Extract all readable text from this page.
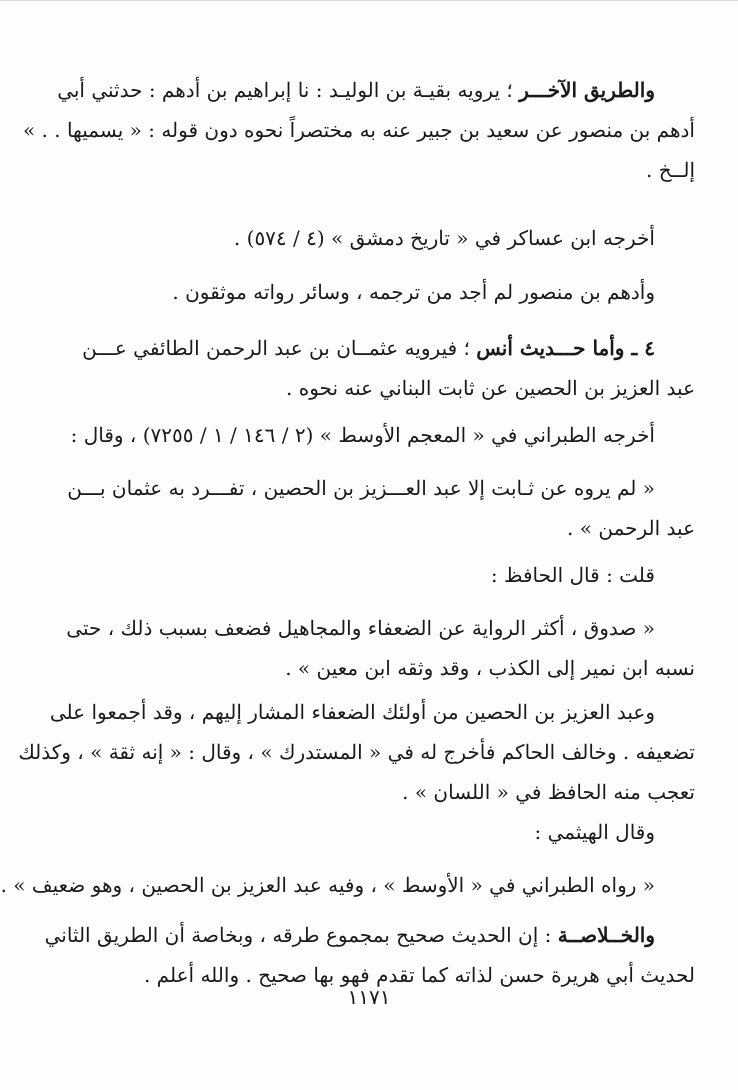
والطريق الآخـــر ؛ يرويه بقيـة بن الوليـد : نا إبراهيم بن أدهم : حدثني أبي
أدهم بن منصور عن سعيد بن جبير عنه به مختصراً نحوه دون قوله : « يسميها . . »
إلــخ .
أخرجه ابن عساكر في « تاريخ دمشق » (٤ / ٥٧٤) .
وأدهم بن منصور لم أجد من ترجمه ، وسائر رواته موثقون .
٤ ـ وأما حـــديث أنس ؛ فيرويه عثمــان بن عبد الرحمن الطائفي عـــن
عبد العزيز بن الحصين عن ثابت البناني عنه نحوه .
أخرجه الطبراني في « المعجم الأوسط » (٢ / ١٤٦ / ١ / ٧٢٥٥) ، وقال :
« لم يروه عن ثـابت إلا عبد العـــزيز بن الحصين ، تفـــرد به عثمان بـــن
عبد الرحمن » .
قلت : قال الحافظ :
« صدوق ، أكثر الرواية عن الضعفاء والمجاهيل فضعف بسبب ذلك ، حتى
نسبه ابن نمير إلى الكذب ، وقد وثقه ابن معين » .
وعبد العزيز بن الحصين من أولئك الضعفاء المشار إليهم ، وقد أجمعوا على
تضعيفه . وخالف الحاكم فأخرج له في « المستدرك » ، وقال : « إنه ثقة » ، وكذلك
تعجب منه الحافظ في « اللسان » .
وقال الهيثمي :
« رواه الطبراني في « الأوسط » ، وفيه عبد العزيز بن الحصين ، وهو ضعيف » .
والخــلاصــة : إن الحديث صحيح بمجموع طرقه ، وبخاصة أن الطريق الثاني
لحديث أبي هريرة حسن لذاته كما تقدم فهو بها صحيح . والله أعلم .
١١٧١
